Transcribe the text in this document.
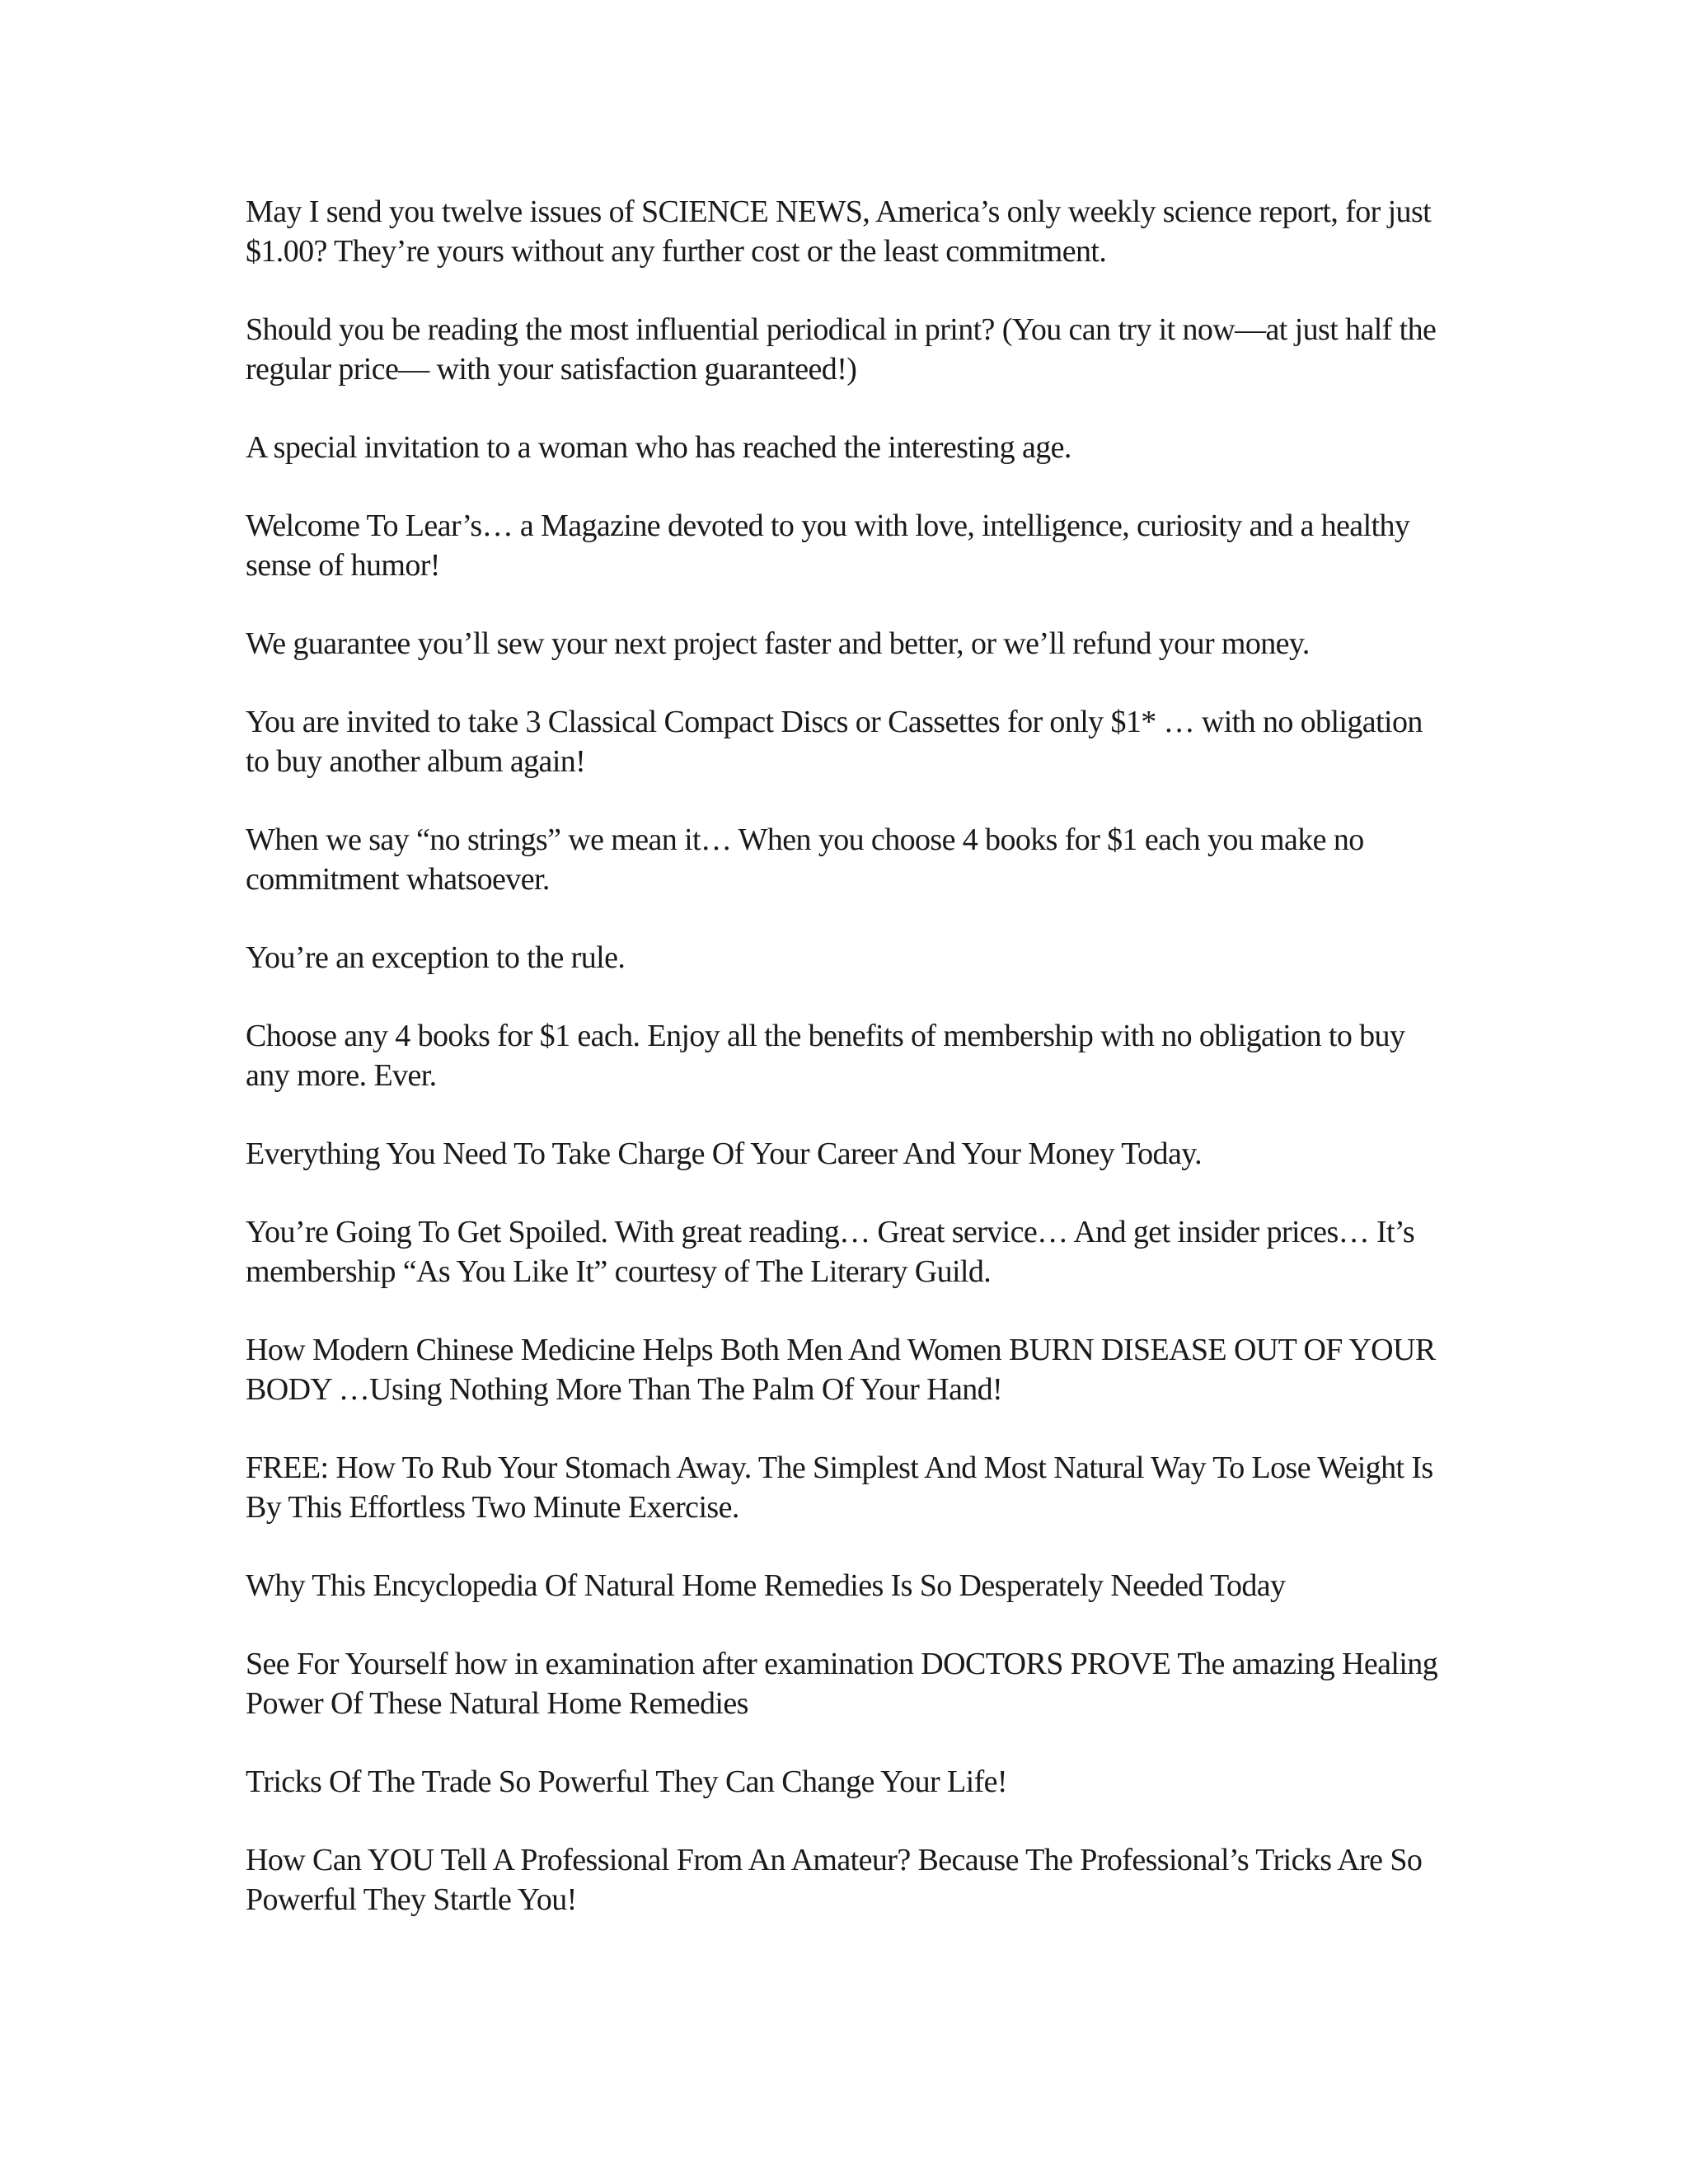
May I send you twelve issues of SCIENCE NEWS, America’s only weekly science report, for just $1.00? They’re yours without any further cost or the least commitment.

Should you be reading the most influential periodical in print? (You can try it now—at just half the regular price— with your satisfaction guaranteed!)

A special invitation to a woman who has reached the interesting age.

Welcome To Lear’s… a Magazine devoted to you with love, intelligence, curiosity and a healthy sense of humor!

We guarantee you’ll sew your next project faster and better, or we’ll refund your money.

You are invited to take 3 Classical Compact Discs or Cassettes for only $1* … with no obligation to buy another album again!

When we say “no strings” we mean it… When you choose 4 books for $1 each you make no commitment whatsoever.

You’re an exception to the rule.

Choose any 4 books for $1 each. Enjoy all the benefits of membership with no obligation to buy any more. Ever.

Everything You Need To Take Charge Of Your Career And Your Money Today.

You’re Going To Get Spoiled. With great reading… Great service… And get insider prices… It’s membership “As You Like It” courtesy of The Literary Guild.

How Modern Chinese Medicine Helps Both Men And Women BURN DISEASE OUT OF YOUR BODY …Using Nothing More Than The Palm Of Your Hand!

FREE: How To Rub Your Stomach Away. The Simplest And Most Natural Way To Lose Weight Is By This Effortless Two Minute Exercise.

Why This Encyclopedia Of Natural Home Remedies Is So Desperately Needed Today

See For Yourself how in examination after examination DOCTORS PROVE The amazing Healing Power Of These Natural Home Remedies

Tricks Of The Trade So Powerful They Can Change Your Life!

How Can YOU Tell A Professional From An Amateur? Because The Professional’s Tricks Are So Powerful They Startle You!
